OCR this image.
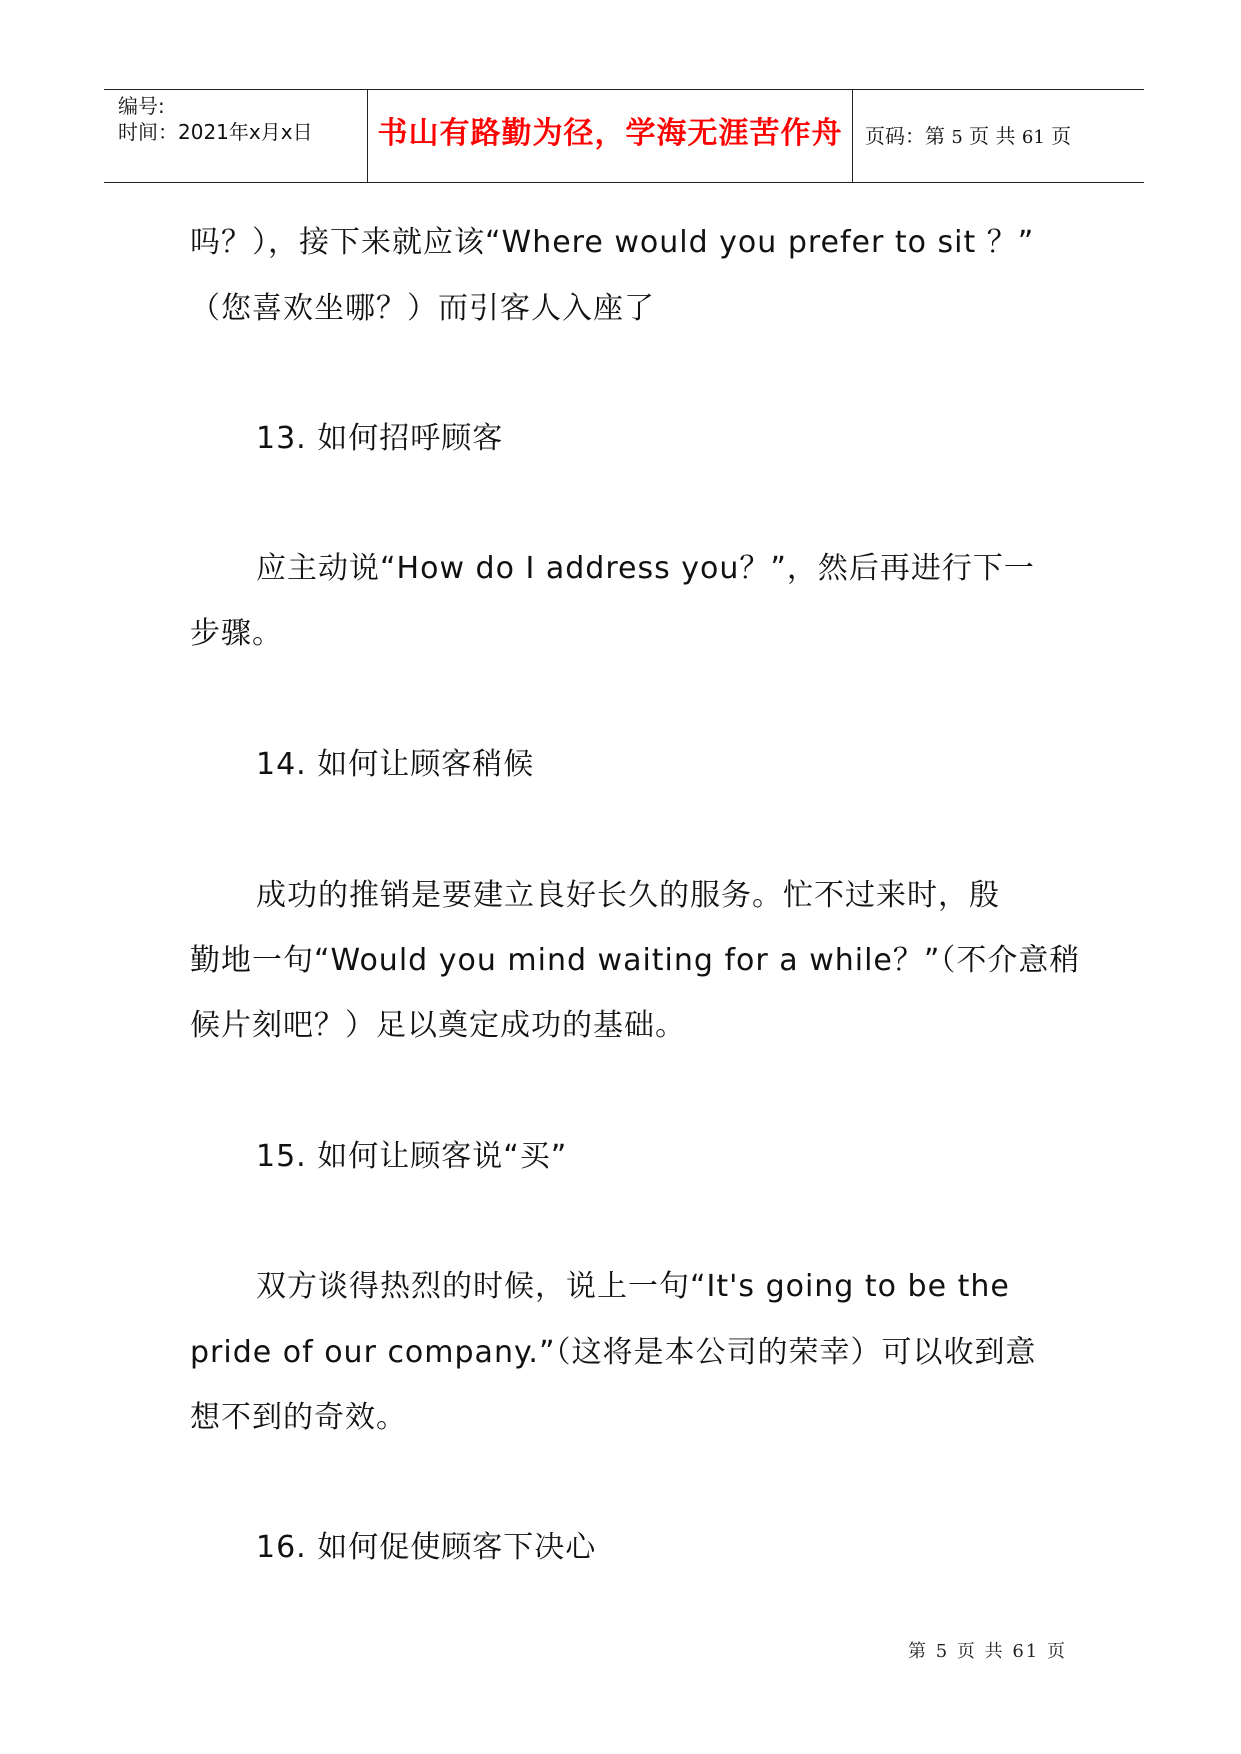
编号:
时间：2021年x月x日	书山有路勤为径，学海无涯苦作舟	页码：第 5 页 共 61 页
吗？），接下来就应该“Where would you prefer to sit ？”
（您喜欢坐哪？）而引客人入座了
13. 如何招呼顾客
应主动说“How do I address you？”，然后再进行下一
步骤。
14. 如何让顾客稍候
成功的推销是要建立良好长久的服务。忙不过来时，殷
勤地一句“Would you mind waiting for a while？”（不介意稍
候片刻吧？）足以奠定成功的基础。
15. 如何让顾客说“买”
双方谈得热烈的时候，说上一句“It's going to be the
pride of our company.”（这将是本公司的荣幸）可以收到意
想不到的奇效。
16. 如何促使顾客下决心
第 5 页 共 61 页
